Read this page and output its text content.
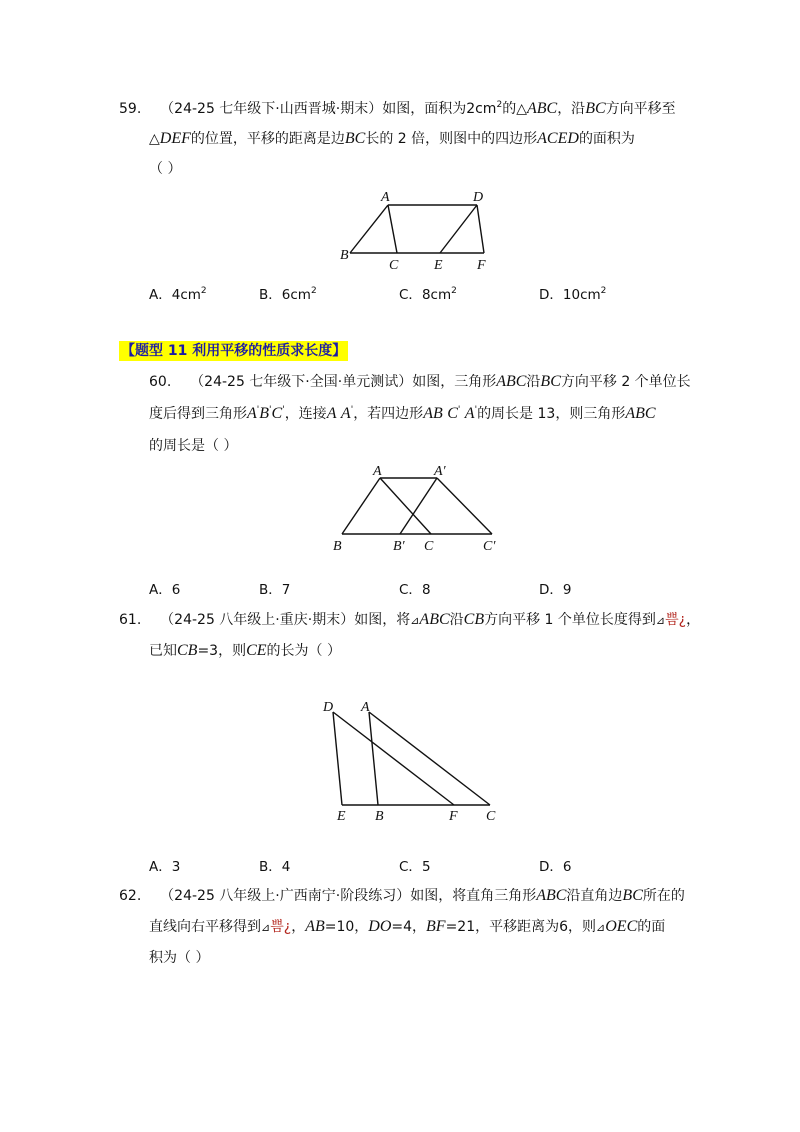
59. （24-25 七年级下·山西晋城·期末）如图，面积为$2cm^2$的△ABC，沿BC方向平移至
△DEF的位置，平移的距离是边BC长的 2 倍，则图中的四边形ACED的面积为
（ ）
A	D
B
C	E F
A．$4cm^2$	B．$6cm^2$	C．$8cm^2$	D．$10cm^2$
【题型 11 利用平移的性质求长度】
60. （24-25 七年级下·全国·单元测试）如图，三角形ABC沿BC方向平移 2 个单位长
度后得到三角形A'B'C'，连接A A'，若四边形AB C' A'的周长是 13，则三角形ABC
的周长是（ ）
A	A′
B	B′ C	C′
A．6	B．7	C．8	D．9
61. （24-25 八年级上·重庆·期末）如图，将⊿ABC沿CB方向平移 1 个单位长度得到⊿쁨¿，
已知CB=3，则CE的长为（ ）
D A
E B	F C
A．3	B．4	C．5	D．6
62. （24-25 八年级上·广西南宁·阶段练习）如图，将直角三角形ABC沿直角边BC所在的
直线向右平移得到⊿쁨¿，AB=10，DO=4，BF=21，平移距离为6，则⊿OEC的面
积为（ ）
